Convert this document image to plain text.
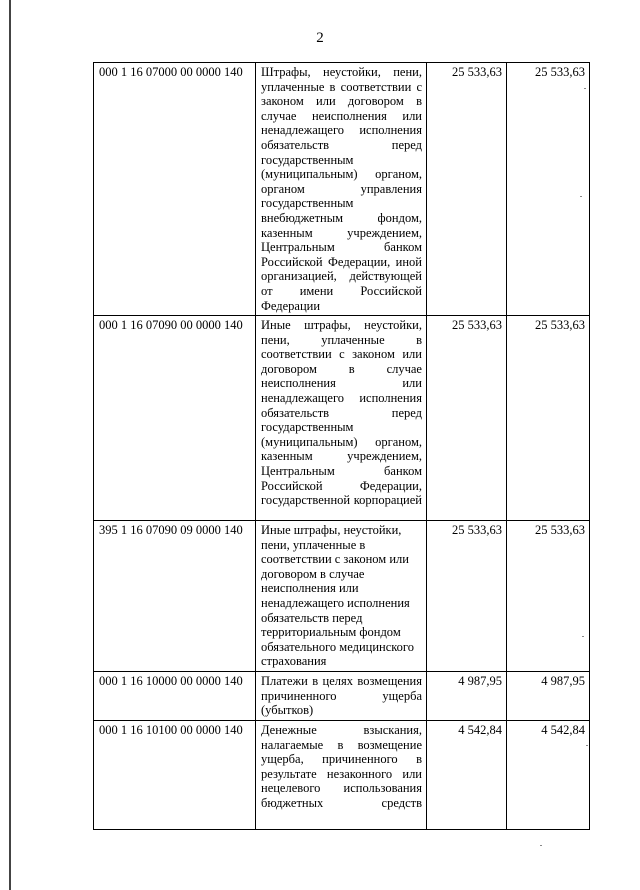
2
000 1 16 07000 00 0000 140	Штрафы, неустойки, пени, уплаченные в соответствии с законом или договором в случае неисполнения или ненадлежащего исполнения обязательств перед государственным (муниципальным) органом, органом управления государственным внебюджетным фондом, казенным учреждением, Центральным банком Российской Федерации, иной организацией, действующей от имени Российской Федерации	25 533,63	25 533,63
000 1 16 07090 00 0000 140	Иные штрафы, неустойки, пени, уплаченные в соответствии с законом или договором в случае неисполнения или ненадлежащего исполнения обязательств перед государственным (муниципальным) органом, казенным учреждением, Центральным банком Российской Федерации, государственной корпорацией	25 533,63	25 533,63
395 1 16 07090 09 0000 140	Иные штрафы, неустойки, пени, уплаченные в соответствии с законом или договором в случае неисполнения или ненадлежащего исполнения обязательств перед территориальным фондом обязательного медицинского страхования	25 533,63	25 533,63
000 1 16 10000 00 0000 140	Платежи в целях возмещения причиненного ущерба (убытков)	4 987,95	4 987,95
000 1 16 10100 00 0000 140	Денежные взыскания, налагаемые в возмещение ущерба, причиненного в результате незаконного или нецелевого использования бюджетных средств	4 542,84	4 542,84
